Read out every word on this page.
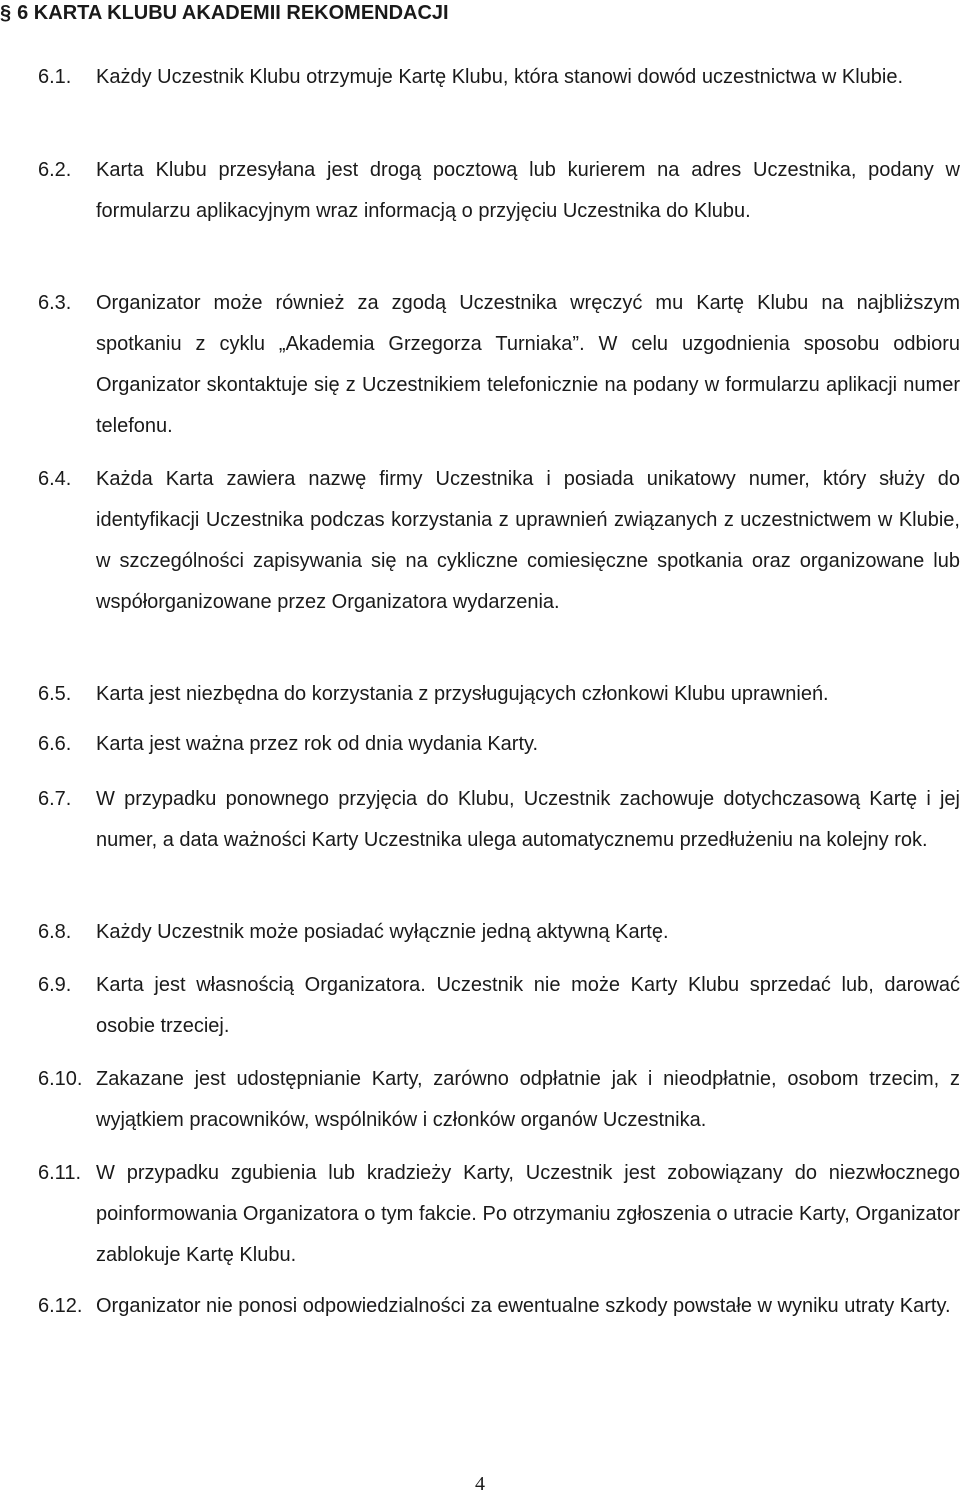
§ 6 KARTA KLUBU AKADEMII REKOMENDACJI
6.1. Każdy Uczestnik Klubu otrzymuje Kartę Klubu, która stanowi dowód uczestnictwa w Klubie.
6.2. Karta Klubu przesyłana jest drogą pocztową lub kurierem na adres Uczestnika, podany w formularzu aplikacyjnym wraz informacją o przyjęciu Uczestnika do Klubu.
6.3. Organizator może również za zgodą Uczestnika wręczyć mu Kartę Klubu na najbliższym spotkaniu z cyklu „Akademia Grzegorza Turniaka”. W celu uzgodnienia sposobu odbioru Organizator skontaktuje się z Uczestnikiem telefonicznie na podany w formularzu aplikacji numer telefonu.
6.4. Każda Karta zawiera nazwę firmy Uczestnika i posiada unikatowy numer, który służy do identyfikacji Uczestnika podczas korzystania z uprawnień związanych z uczestnictwem w Klubie, w szczególności zapisywania się na cykliczne comiesięczne spotkania oraz organizowane lub współorganizowane przez Organizatora wydarzenia.
6.5. Karta jest niezbędna do korzystania z przysługujących członkowi Klubu uprawnień.
6.6. Karta jest ważna przez rok od dnia wydania Karty.
6.7. W przypadku ponownego przyjęcia do Klubu, Uczestnik zachowuje dotychczasową Kartę i jej numer, a data ważności Karty Uczestnika ulega automatycznemu przedłużeniu na kolejny rok.
6.8. Każdy Uczestnik może posiadać wyłącznie jedną aktywną Kartę.
6.9. Karta jest własnością Organizatora. Uczestnik nie może Karty Klubu sprzedać lub, darować osobie trzeciej.
6.10. Zakazane jest udostępnianie Karty, zarówno odpłatnie jak i nieodpłatnie, osobom trzecim, z wyjątkiem pracowników, wspólników i członków organów Uczestnika.
6.11. W przypadku zgubienia lub kradzieży Karty, Uczestnik jest zobowiązany do niezwłocznego poinformowania Organizatora o tym fakcie. Po otrzymaniu zgłoszenia o utracie Karty, Organizator zablokuje Kartę Klubu.
6.12. Organizator nie ponosi odpowiedzialności za ewentualne szkody powstałe w wyniku utraty Karty.
4
